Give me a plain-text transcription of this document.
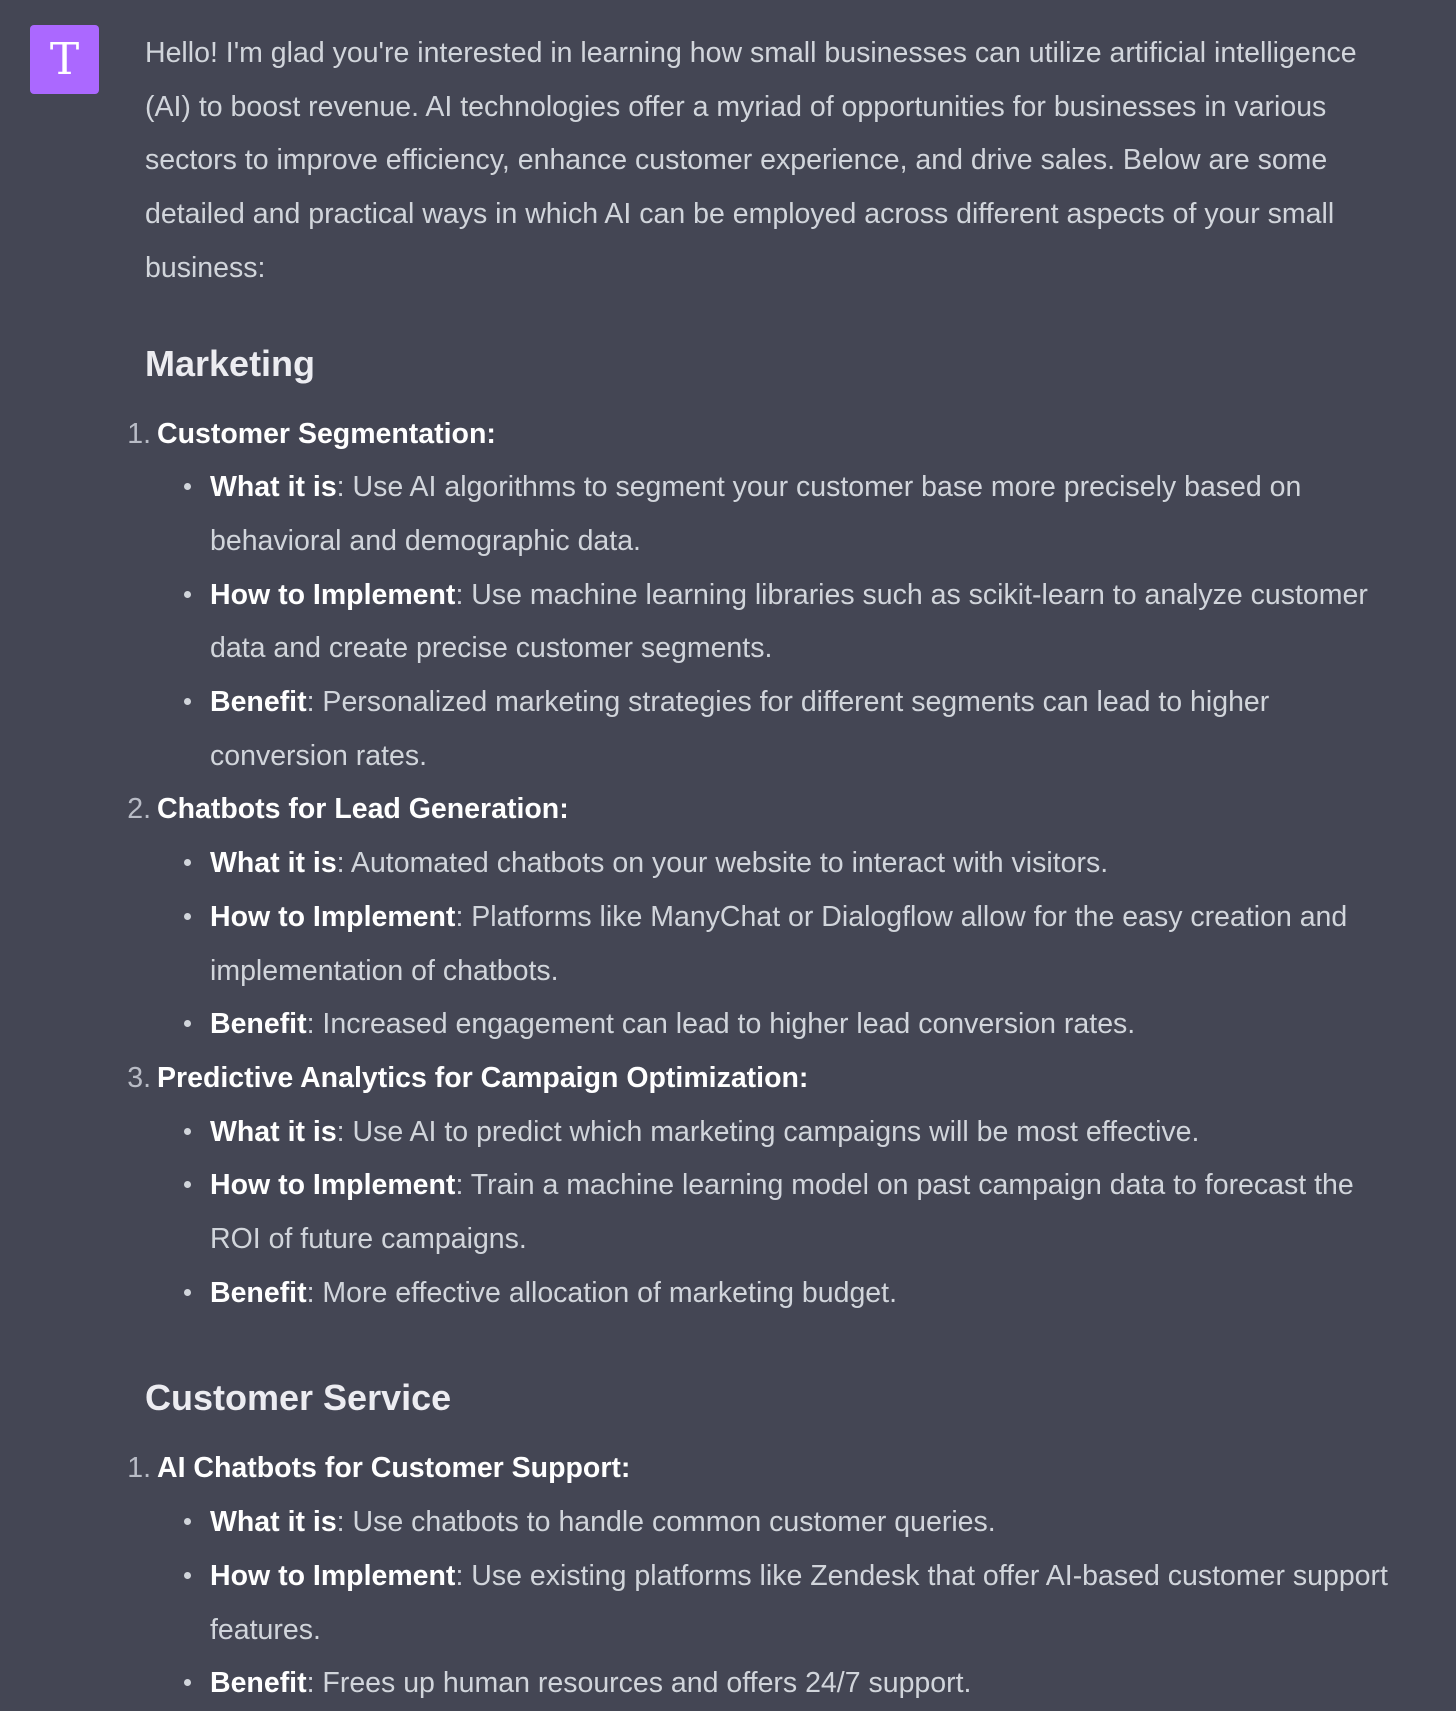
T Hello! I'm glad you're interested in learning how small businesses can utilize artificial intelligence (AI) to boost revenue. AI technologies offer a myriad of opportunities for businesses in various sectors to improve efficiency, enhance customer experience, and drive sales. Below are some detailed and practical ways in which AI can be employed across different aspects of your small business:

Marketing
1. Customer Segmentation:
What it is: Use AI algorithms to segment your customer base more precisely based on behavioral and demographic data.
How to Implement: Use machine learning libraries such as scikit-learn to analyze customer data and create precise customer segments.
Benefit: Personalized marketing strategies for different segments can lead to higher conversion rates.
2. Chatbots for Lead Generation:
What it is: Automated chatbots on your website to interact with visitors.
How to Implement: Platforms like ManyChat or Dialogflow allow for the easy creation and implementation of chatbots.
Benefit: Increased engagement can lead to higher lead conversion rates.
3. Predictive Analytics for Campaign Optimization:
What it is: Use AI to predict which marketing campaigns will be most effective.
How to Implement: Train a machine learning model on past campaign data to forecast the ROI of future campaigns.
Benefit: More effective allocation of marketing budget.
Customer Service
1. AI Chatbots for Customer Support:
What it is: Use chatbots to handle common customer queries.
How to Implement: Use existing platforms like Zendesk that offer AI-based customer support features.
Benefit: Frees up human resources and offers 24/7 support.
